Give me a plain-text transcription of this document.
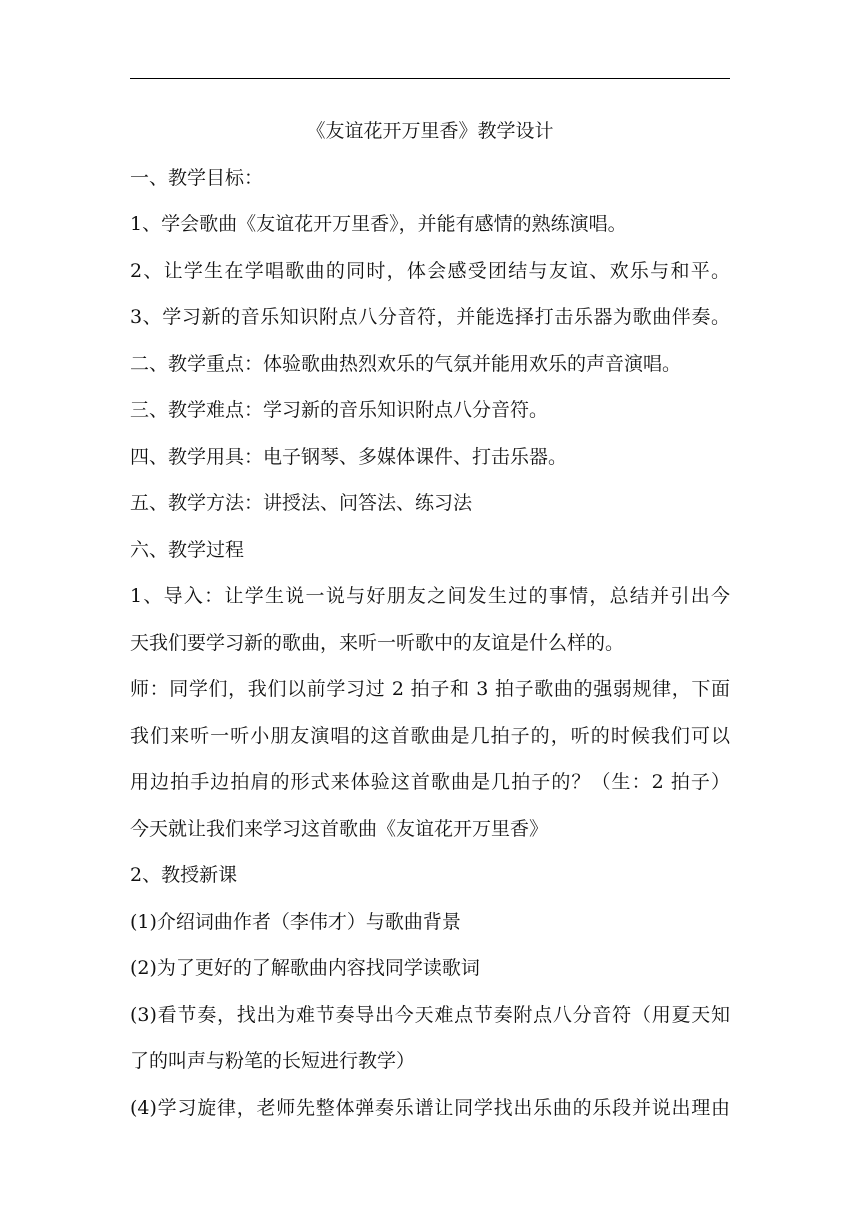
《友谊花开万里香》教学设计
一、教学目标：
1、学会歌曲《友谊花开万里香》，并能有感情的熟练演唱。
2、让学生在学唱歌曲的同时，体会感受团结与友谊、欢乐与和平。
3、学习新的音乐知识附点八分音符，并能选择打击乐器为歌曲伴奏。
二、教学重点：体验歌曲热烈欢乐的气氛并能用欢乐的声音演唱。
三、教学难点：学习新的音乐知识附点八分音符。
四、教学用具：电子钢琴、多媒体课件、打击乐器。
五、教学方法：讲授法、问答法、练习法
六、教学过程
1、导入：让学生说一说与好朋友之间发生过的事情，总结并引出今
天我们要学习新的歌曲，来听一听歌中的友谊是什么样的。
师：同学们，我们以前学习过 2 拍子和 3 拍子歌曲的强弱规律，下面
我们来听一听小朋友演唱的这首歌曲是几拍子的，听的时候我们可以
用边拍手边拍肩的形式来体验这首歌曲是几拍子的？（生：2 拍子）
今天就让我们来学习这首歌曲《友谊花开万里香》
2、教授新课
(1)介绍词曲作者（李伟才）与歌曲背景
(2)为了更好的了解歌曲内容找同学读歌词
(3)看节奏，找出为难节奏导出今天难点节奏附点八分音符（用夏天知
了的叫声与粉笔的长短进行教学）
(4)学习旋律，老师先整体弹奏乐谱让同学找出乐曲的乐段并说出理由
